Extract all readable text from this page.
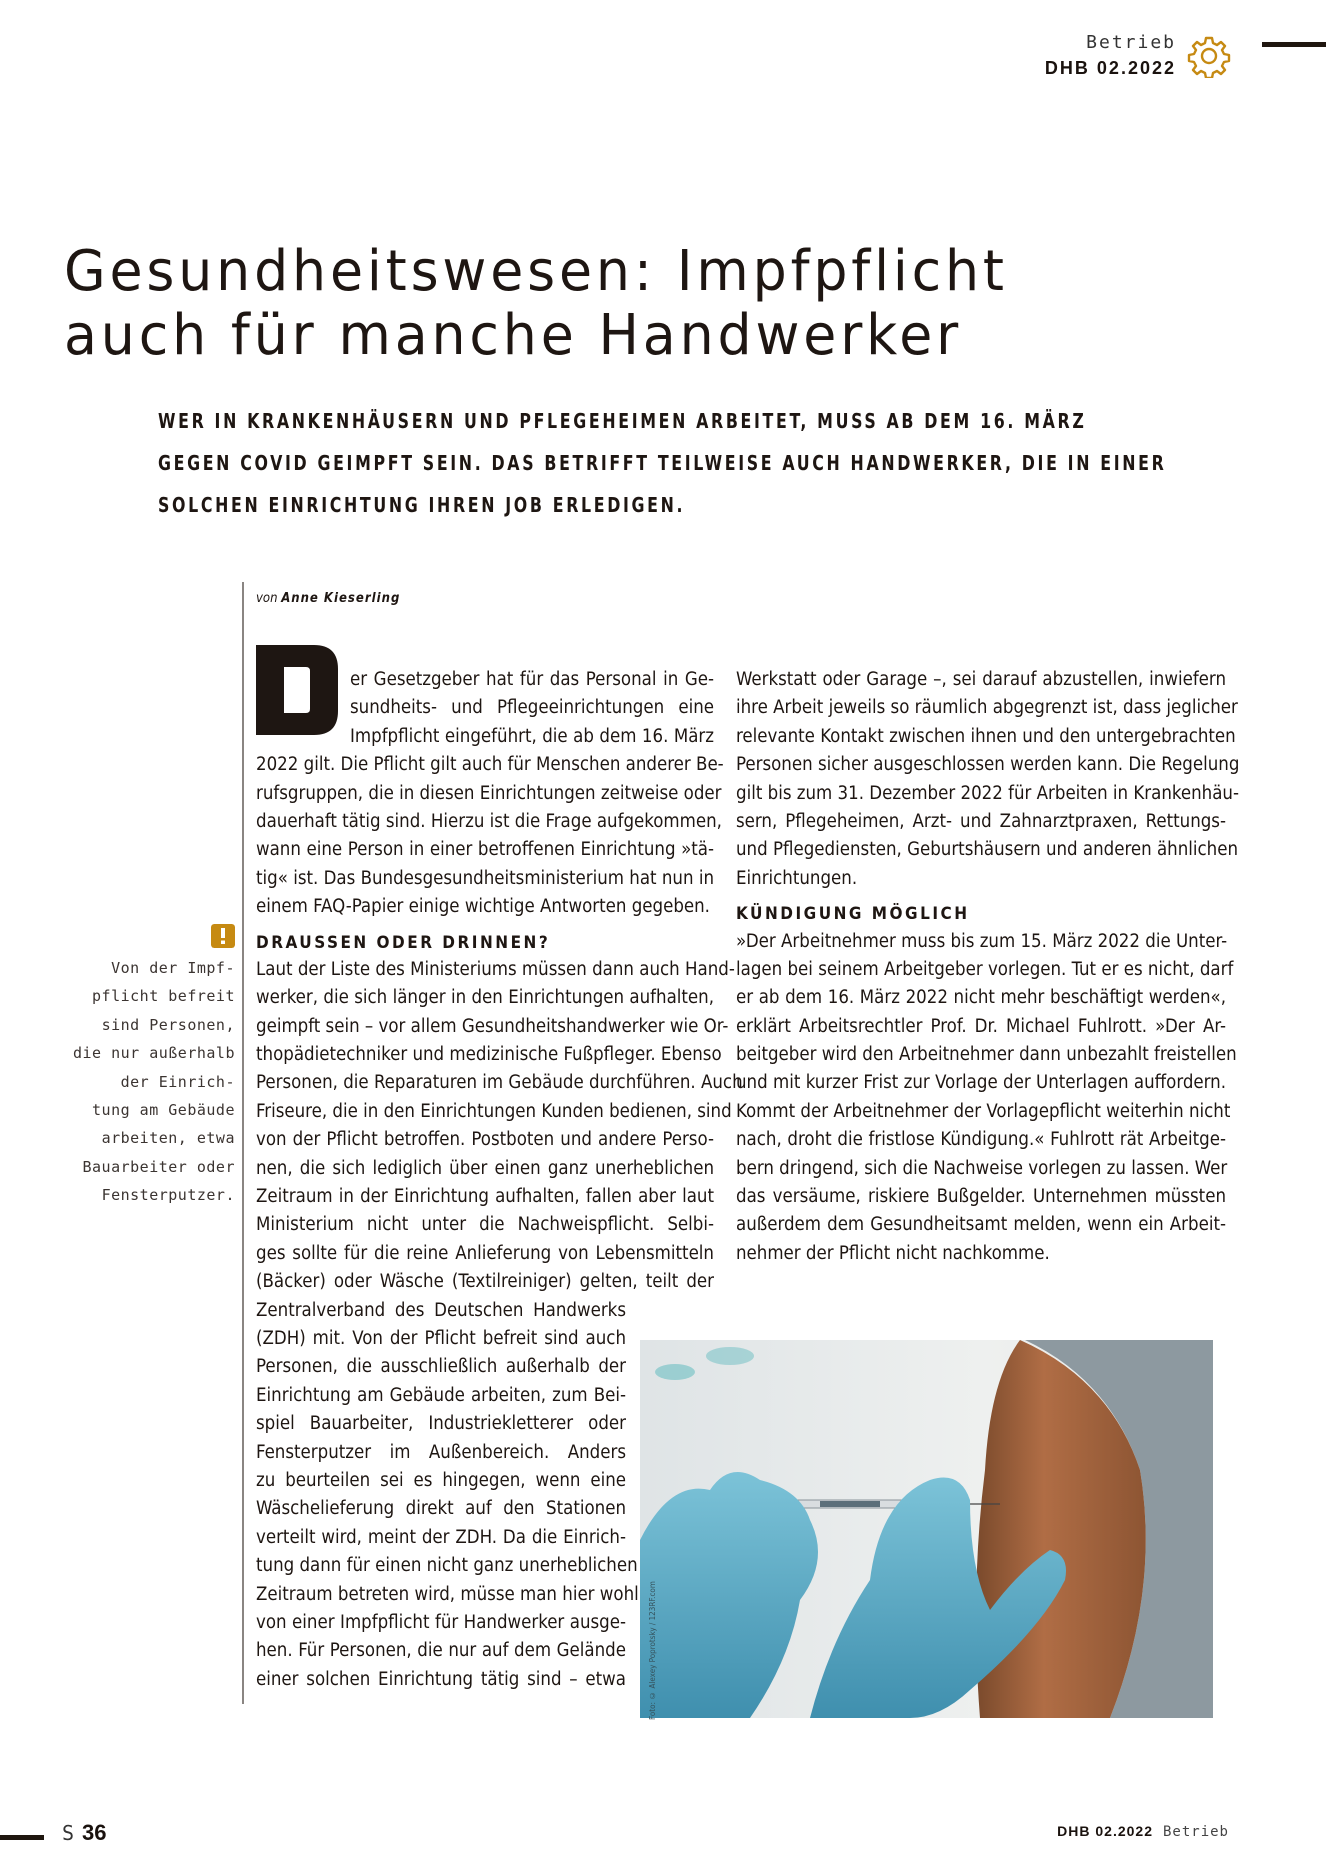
Betrieb
DHB 02.2022
Gesundheitswesen: Impfpflicht
auch für manche Handwerker
WER IN KRANKENHÄUSERN UND PFLEGEHEIMEN ARBEITET, MUSS AB DEM 16. MÄRZ
GEGEN COVID GEIMPFT SEIN. DAS BETRIFFT TEILWEISE AUCH HANDWERKER, DIE IN EINER
SOLCHEN EINRICHTUNG IHREN JOB ERLEDIGEN.
von Anne Kieserling
er Gesetzgeber hat für das Personal in Ge-
sundheits- und Pflegeeinrichtungen eine
Impfpflicht eingeführt, die ab dem 16. März
2022 gilt. Die Pflicht gilt auch für Menschen anderer Be-
rufsgruppen, die in diesen Einrichtungen zeitweise oder
dauerhaft tätig sind. Hierzu ist die Frage aufgekommen,
wann eine Person in einer betroffenen Einrichtung »tä-
tig« ist. Das Bundesgesundheitsministerium hat nun in
einem FAQ-Papier einige wichtige Antworten gegeben.
DRAUSSEN ODER DRINNEN?
Laut der Liste des Ministeriums müssen dann auch Hand-
werker, die sich länger in den Einrichtungen aufhalten,
geimpft sein – vor allem Gesundheitshandwerker wie Or-
thopädietechniker und medizinische Fußpfleger. Ebenso
Personen, die Reparaturen im Gebäude durchführen. Auch
Friseure, die in den Einrichtungen Kunden bedienen, sind
von der Pflicht betroffen. Postboten und andere Perso-
nen, die sich lediglich über einen ganz unerheblichen
Zeitraum in der Einrichtung aufhalten, fallen aber laut
Ministerium nicht unter die Nachweispflicht. Selbi-
ges sollte für die reine Anlieferung von Lebensmitteln
(Bäcker) oder Wäsche (Textilreiniger) gelten, teilt der
Zentralverband des Deutschen Handwerks
(ZDH) mit. Von der Pflicht befreit sind auch
Personen, die ausschließlich außerhalb der
Einrichtung am Gebäude arbeiten, zum Bei-
spiel Bauarbeiter, Industriekletterer oder
Fensterputzer im Außenbereich. Anders
zu beurteilen sei es hingegen, wenn eine
Wäschelieferung direkt auf den Stationen
verteilt wird, meint der ZDH. Da die Einrich-
tung dann für einen nicht ganz unerheblichen
Zeitraum betreten wird, müsse man hier wohl
von einer Impfpflicht für Handwerker ausge-
hen. Für Personen, die nur auf dem Gelände
einer solchen Einrichtung tätig sind – etwa
Werkstatt oder Garage –, sei darauf abzustellen, inwiefern
ihre Arbeit jeweils so räumlich abgegrenzt ist, dass jeglicher
relevante Kontakt zwischen ihnen und den untergebrachten
Personen sicher ausgeschlossen werden kann. Die Regelung
gilt bis zum 31. Dezember 2022 für Arbeiten in Krankenhäu-
sern, Pflegeheimen, Arzt- und Zahnarztpraxen, Rettungs-
und Pflegediensten, Geburtshäusern und anderen ähnlichen
Einrichtungen.
KÜNDIGUNG MÖGLICH
»Der Arbeitnehmer muss bis zum 15. März 2022 die Unter-
lagen bei seinem Arbeitgeber vorlegen. Tut er es nicht, darf
er ab dem 16. März 2022 nicht mehr beschäftigt werden«,
erklärt Arbeitsrechtler Prof. Dr. Michael Fuhlrott. »Der Ar-
beitgeber wird den Arbeitnehmer dann unbezahlt freistellen
und mit kurzer Frist zur Vorlage der Unterlagen auffordern.
Kommt der Arbeitnehmer der Vorlagepflicht weiterhin nicht
nach, droht die fristlose Kündigung.« Fuhlrott rät Arbeitge-
bern dringend, sich die Nachweise vorlegen zu lassen. Wer
das versäume, riskiere Bußgelder. Unternehmen müssten
außerdem dem Gesundheitsamt melden, wenn ein Arbeit-
nehmer der Pflicht nicht nachkomme.
Von der Impf-
pflicht befreit
sind Personen,
die nur außerhalb
der Einrich-
tung am Gebäude
arbeiten, etwa
Bauarbeiter oder
Fensterputzer.
Foto: © Alexey Poprotsky / 123RF.com
S 36	DHB 02.2022 Betrieb
